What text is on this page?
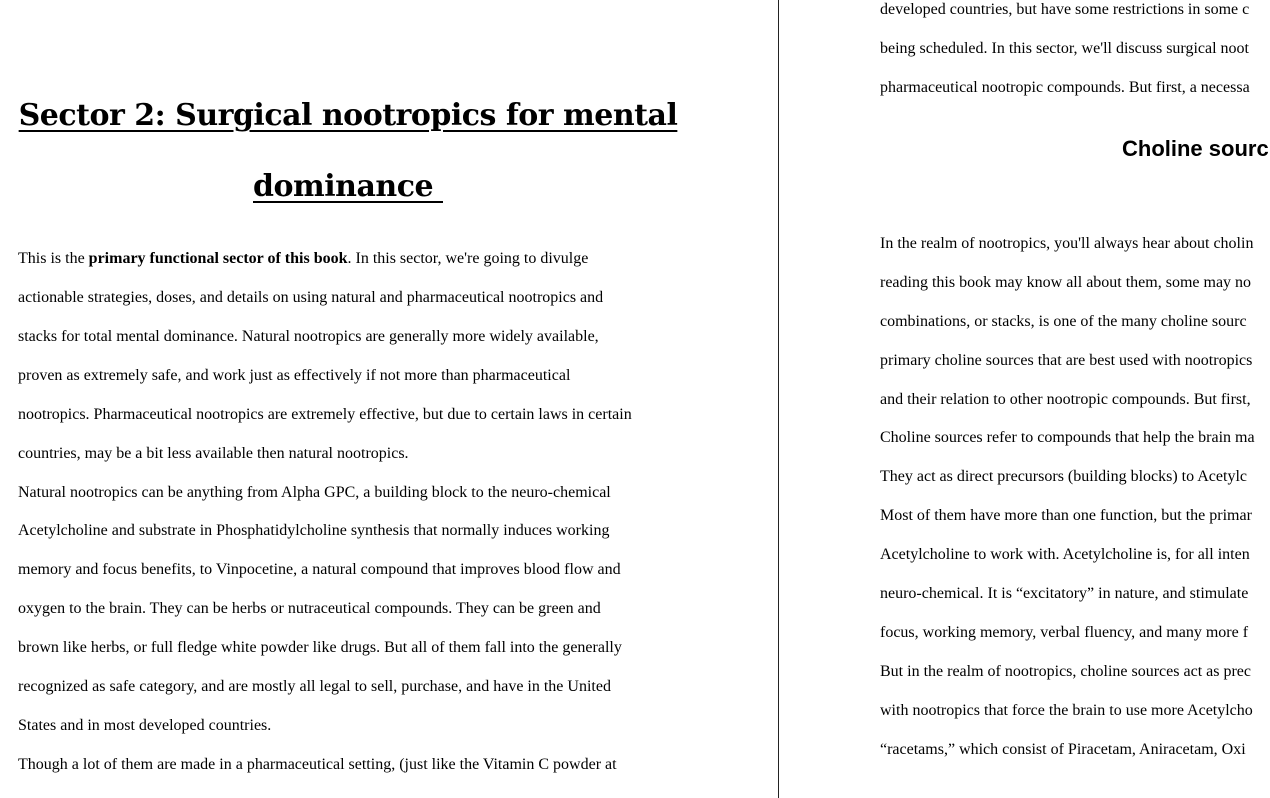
Sector 2: Surgical nootropics for mental
dominance
This is the primary functional sector of this book. In this sector, we're going to divulge
actionable strategies, doses, and details on using natural and pharmaceutical nootropics and
stacks for total mental dominance. Natural nootropics are generally more widely available,
proven as extremely safe, and work just as effectively if not more than pharmaceutical
nootropics. Pharmaceutical nootropics are extremely effective, but due to certain laws in certain
countries, may be a bit less available then natural nootropics.
Natural nootropics can be anything from Alpha GPC, a building block to the neuro-chemical
Acetylcholine and substrate in Phosphatidylcholine synthesis that normally induces working
memory and focus benefits, to Vinpocetine, a natural compound that improves blood flow and
oxygen to the brain. They can be herbs or nutraceutical compounds. They can be green and
brown like herbs, or full fledge white powder like drugs. But all of them fall into the generally
recognized as safe category, and are mostly all legal to sell, purchase, and have in the United
States and in most developed countries.
Though a lot of them are made in a pharmaceutical setting, (just like the Vitamin C powder at
developed countries, but have some restrictions in some c
being scheduled. In this sector, we'll discuss surgical noot
pharmaceutical nootropic compounds. But first, a necessa
Choline sourc
In the realm of nootropics, you'll always hear about cholin
reading this book may know all about them, some may no
combinations, or stacks, is one of the many choline sourc
primary choline sources that are best used with nootropics
and their relation to other nootropic compounds. But first,
Choline sources refer to compounds that help the brain ma
They act as direct precursors (building blocks) to Acetylc
Most of them have more than one function, but the primar
Acetylcholine to work with. Acetylcholine is, for all inten
neuro-chemical. It is “excitatory” in nature, and stimulate
focus, working memory, verbal fluency, and many more f
But in the realm of nootropics, choline sources act as prec
with nootropics that force the brain to use more Acetylcho
“racetams,” which consist of Piracetam, Aniracetam, Oxi
